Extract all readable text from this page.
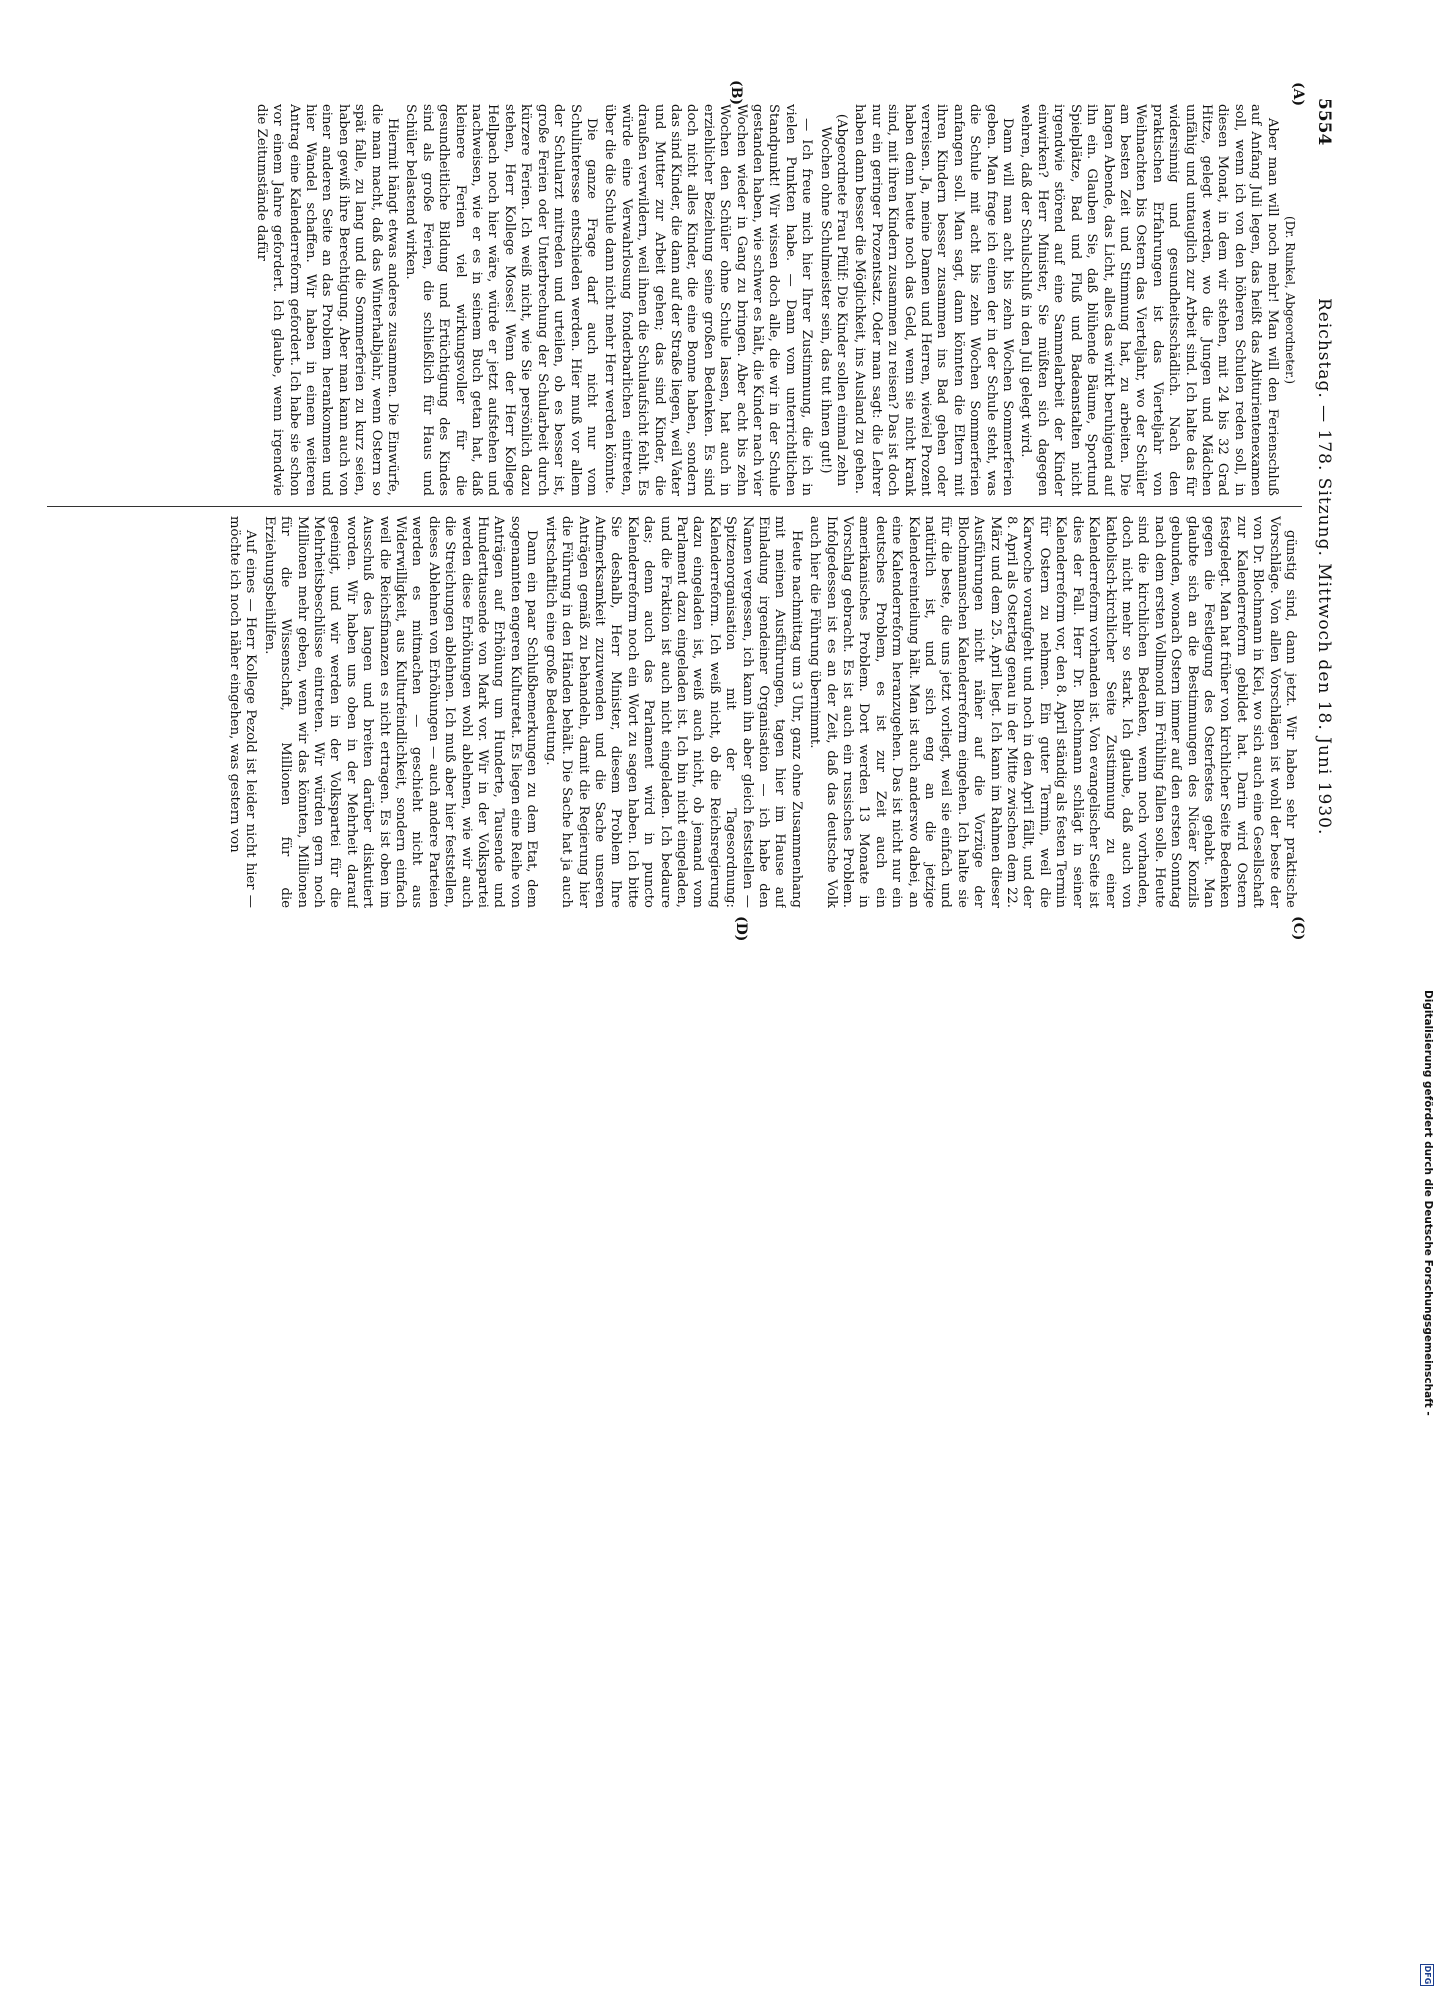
5554
Reichstag. — 178. Sitzung. Mittwoch den 18. Juni 1930.
(A)
(B)
(C)
(D)

(Dr. Runkel, Abgeordneter.)

Aber man will noch mehr! Man will den Ferienschluß auf Anfang Juli legen, das heißt das Abiturientenexamen soll, wenn ich von den höheren Schulen reden soll, in diesen Monat, in dem wir stehen, mit 24 bis 32 Grad Hitze, gelegt werden, wo die Jungen und Mädchen unfähig und untauglich zur Arbeit sind. Ich halte das für widersinnig und gesundheitsschädlich. Nach den praktischen Erfahrungen ist das Vierteljahr von Weihnachten bis Ostern das Vierteljahr, wo der Schüler am besten Zeit und Stimmung hat, zu arbeiten. Die langen Abende, das Licht, alles das wirkt beruhigend auf ihn ein. Glauben Sie, daß blühende Bäume, Sportund Spielplätze, Bad und Fluß und Badeanstalten nicht irgendwie störend auf eine Sammelarbeit der Kinder einwirken? Herr Minister, Sie müßten sich dagegen wehren, daß der Schulschluß in den Juli gelegt wird.

Dann will man acht bis zehn Wochen Sommerferien geben. Man frage ich einen der in der Schule steht, was die Schule mit acht bis zehn Wochen Sommerferien anfangen soll. Man sagt, dann könnten die Eltern mit ihren Kindern besser zusammen ins Bad gehen oder verreisen. Ja, meine Damen und Herren, wieviel Prozent haben denn heute noch das Geld, wenn sie nicht krank sind, mit ihren Kindern zusammen zu reisen? Das ist doch nur ein geringer Prozentsatz. Oder man sagt: die Lehrer haben dann besser die Möglichkeit, ins Ausland zu gehen.

(Abgeordnete Frau Pfülf: Die Kinder sollen einmal zehn Wochen ohne Schulmeister sein, das tut ihnen gut!)

— Ich freue mich hier Ihrer Zustimmung, die ich in vielen Punkten habe. — Dann vom unterrichtlichen Standpunkt! Wir wissen doch alle, die wir in der Schule gestanden haben, wie schwer es hält, die Kinder nach vier Wochen wieder in Gang zu bringen. Aber acht bis zehn Wochen den Schüler ohne Schule lassen, hat auch in erziehlicher Beziehung seine großen Bedenken. Es sind doch nicht alles Kinder, die eine Bonne haben, sondern das sind Kinder, die dann auf der Straße liegen, weil Vater und Mutter zur Arbeit gehen; das sind Kinder, die draußen verwildern, weil ihnen die Schulaufsicht fehlt. Es würde eine Verwahrlosung fonderbarlichen eintreten, über die die Schule dann nicht mehr Herr werden könnte.

Die ganze Frage darf auch nicht nur vom Schulinteresse entschieden werden. Hier muß vor allem der Schularzt mitreden und urteilen, ob es besser ist, große Ferien oder Unterbrechung der Schularbeit durch kürzere Ferien. Ich weiß nicht, wie Sie persönlich dazu stehen, Herr Kollege Moses! Wenn der Herr Kollege Hellpach noch hier wäre, würde er jetzt aufstehen und nachweisen, wie er es in seinem Buch getan hat, daß kleinere Ferien viel wirkungsvoller für die gesundheitliche Bildung und Ertüchtigung des Kindes sind als große Ferien, die schließlich für Haus und Schüler belastend wirken.

Hiermit hängt etwas anderes zusammen. Die Einwürfe, die man macht, daß das Winterhalbjahr, wenn Ostern so spät falle, zu lang und die Sommerferien zu kurz seien, haben gewiß ihre Berechtigung. Aber man kann auch von einer anderen Seite an das Problem herankommen und hier Wandel schaffen. Wir haben in einem weiteren Antrag eine Kalenderreform gefordert. Ich habe sie schon vor einem Jahre gefordert. Ich glaube, wenn irgendwie die Zeitumstände dafür

günstig sind, dann jetzt. Wir haben sehr praktische Vorschläge. Von allen Vorschlägen ist wohl der beste der von Dr. Blochmann in Kiel, wo sich auch eine Gesellschaft zur Kalenderreform gebildet hat. Darin wird Ostern festgelegt. Man hat früher von kirchlicher Seite Bedenken gegen die Festlegung des Osterfestes gehabt. Man glaubte sich an die Bestimmungen des Nicäer Konzils gebunden, wonach Ostern immer auf den ersten Sonntag nach dem ersten Vollmond im Frühling fallen solle. Heute sind die kirchlichen Bedenken, wenn noch vorhanden, doch nicht mehr so stark. Ich glaube, daß auch von katholisch-kirchlicher Seite Zustimmung zu einer Kalenderreform vorhanden ist. Von evangelischer Seite ist dies der Fall. Herr Dr. Blochmann schlägt in seiner Kalenderreform vor, den 8. April ständig als festen Termin für Ostern zu nehmen. Ein guter Termin, weil die Karwoche voraufgeht und noch in den April fällt, und der 8. April als Ostertag genau in der Mitte zwischen dem 22. März und dem 25. April liegt. Ich kann im Rahmen dieser Ausführungen nicht näher auf die Vorzüge der Blochmannschen Kalenderreform eingehen. Ich halte sie für die beste, die uns jetzt vorliegt, weil sie einfach und natürlich ist, und sich eng an die jetzige Kalendereinteilung hält. Man ist auch anderswo dabei, an eine Kalenderreform heranzugehen. Das ist nicht nur ein deutsches Problem, es ist zur Zeit auch ein amerikanisches Problem. Dort werden 13 Monate in Vorschlag gebracht. Es ist auch ein russisches Problem. Infolgedessen ist es an der Zeit, daß das deutsche Volk auch hier die Führung übernimmt.

Heute nachmittag um 3 Uhr, ganz ohne Zusammenhang mit meinen Ausführungen, tagen hier im Hause auf Einladung irgendeiner Organisation — ich habe den Namen vergessen, ich kann ihn aber gleich feststellen — Spitzenorganisation mit der Tagesordnung: Kalenderreform. Ich weiß nicht, ob die Reichsregierung dazu eingeladen ist, weiß auch nicht, ob jemand vom Parlament dazu eingeladen ist. Ich bin nicht eingeladen, und die Fraktion ist auch nicht eingeladen. Ich bedaure das; denn auch das Parlament wird in puncto Kalenderreform noch ein Wort zu sagen haben. Ich bitte Sie deshalb, Herr Minister, diesem Problem Ihre Aufmerksamkeit zuzuwenden und die Sache unseren Anträgen gemäß zu behandeln, damit die Regierung hier die Führung in den Händen behält. Die Sache hat ja auch wirtschaftlich eine große Bedeutung.

Dann ein paar Schlußbemerkungen zu dem Etat, dem sogenannten engeren Kulturetat. Es liegen eine Reihe von Anträgen auf Erhöhung um Hunderte, Tausende und Hunderttausende von Mark vor. Wir in der Volkspartei werden diese Erhöhungen wohl ablehnen, wie wir auch die Streichungen ablehnen. Ich muß aber hier feststellen, dieses Ablehnen von Erhöhungen — auch andere Parteien werden es mitmachen — geschieht nicht aus Widerwilligkeit, aus Kulturfeindlichkeit, sondern einfach weil die Reichsfinanzen es nicht ertragen. Es ist oben im Ausschuß des langen und breiten darüber diskutiert worden. Wir haben uns oben in der Mehrheit darauf geeinigt, und wir werden in der Volkspartei für die Mehrheitsbeschlüsse eintreten. Wir würden gern noch Millionen mehr geben, wenn wir das könnten, Millionen für die Wissenschaft, Millionen für die Erziehungsbeihilfen.

Auf eines — Herr Kollege Pezold ist leider nicht hier — möchte ich noch näher eingehen, was gestern von

Digitalisierung gefördert durch die Deutsche Forschungsgemeinschaft -
DFG
